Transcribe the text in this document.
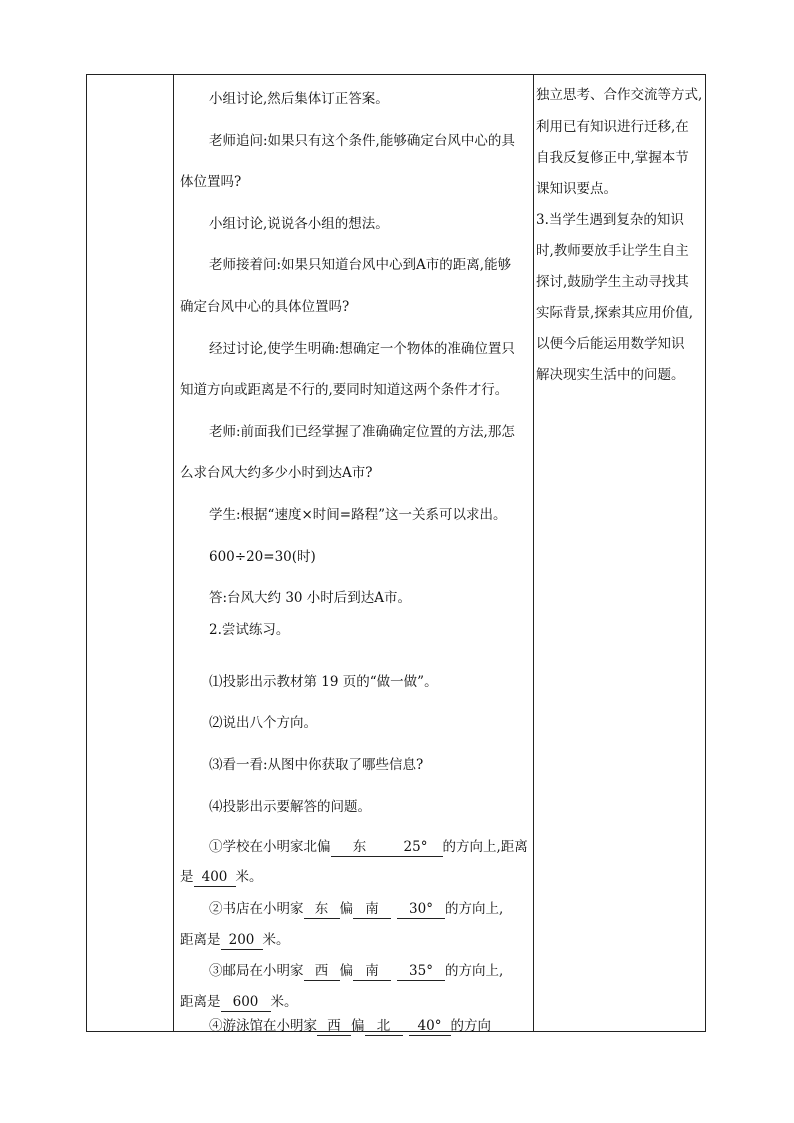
小组讨论,然后集体订正答案。
老师追问:如果只有这个条件,能够确定台风中心的具
体位置吗?
小组讨论,说说各小组的想法。
老师接着问:如果只知道台风中心到A市的距离,能够
确定台风中心的具体位置吗?
经过讨论,使学生明确:想确定一个物体的准确位置只
知道方向或距离是不行的,要同时知道这两个条件才行。
老师:前面我们已经掌握了准确确定位置的方法,那怎
么求台风大约多少小时到达A市?
学生:根据“速度×时间=路程”这一关系可以求出。
600÷20=30(时)
答:台风大约 30 小时后到达A市。
2.尝试练习。
⑴投影出示教材第 19 页的“做一做”。
⑵说出八个方向。
⑶看一看:从图中你获取了哪些信息?
⑷投影出示要解答的问题。
①学校在小明家北偏 东	25° 的方向上,距离
是 400 米。
②书店在小明家 东 偏 南 30° 的方向上,
距离是 200 米。
③邮局在小明家 西 偏 南 35° 的方向上,
距离是 600 米。
④游泳馆在小明家 西 偏 北 40° 的方向
独立思考、合作交流等方式,
利用已有知识进行迁移,在
自我反复修正中,掌握本节
课知识要点。
3.当学生遇到复杂的知识
时,教师要放手让学生自主
探讨,鼓励学生主动寻找其
实际背景,探索其应用价值,
以便今后能运用数学知识
解决现实生活中的问题。
